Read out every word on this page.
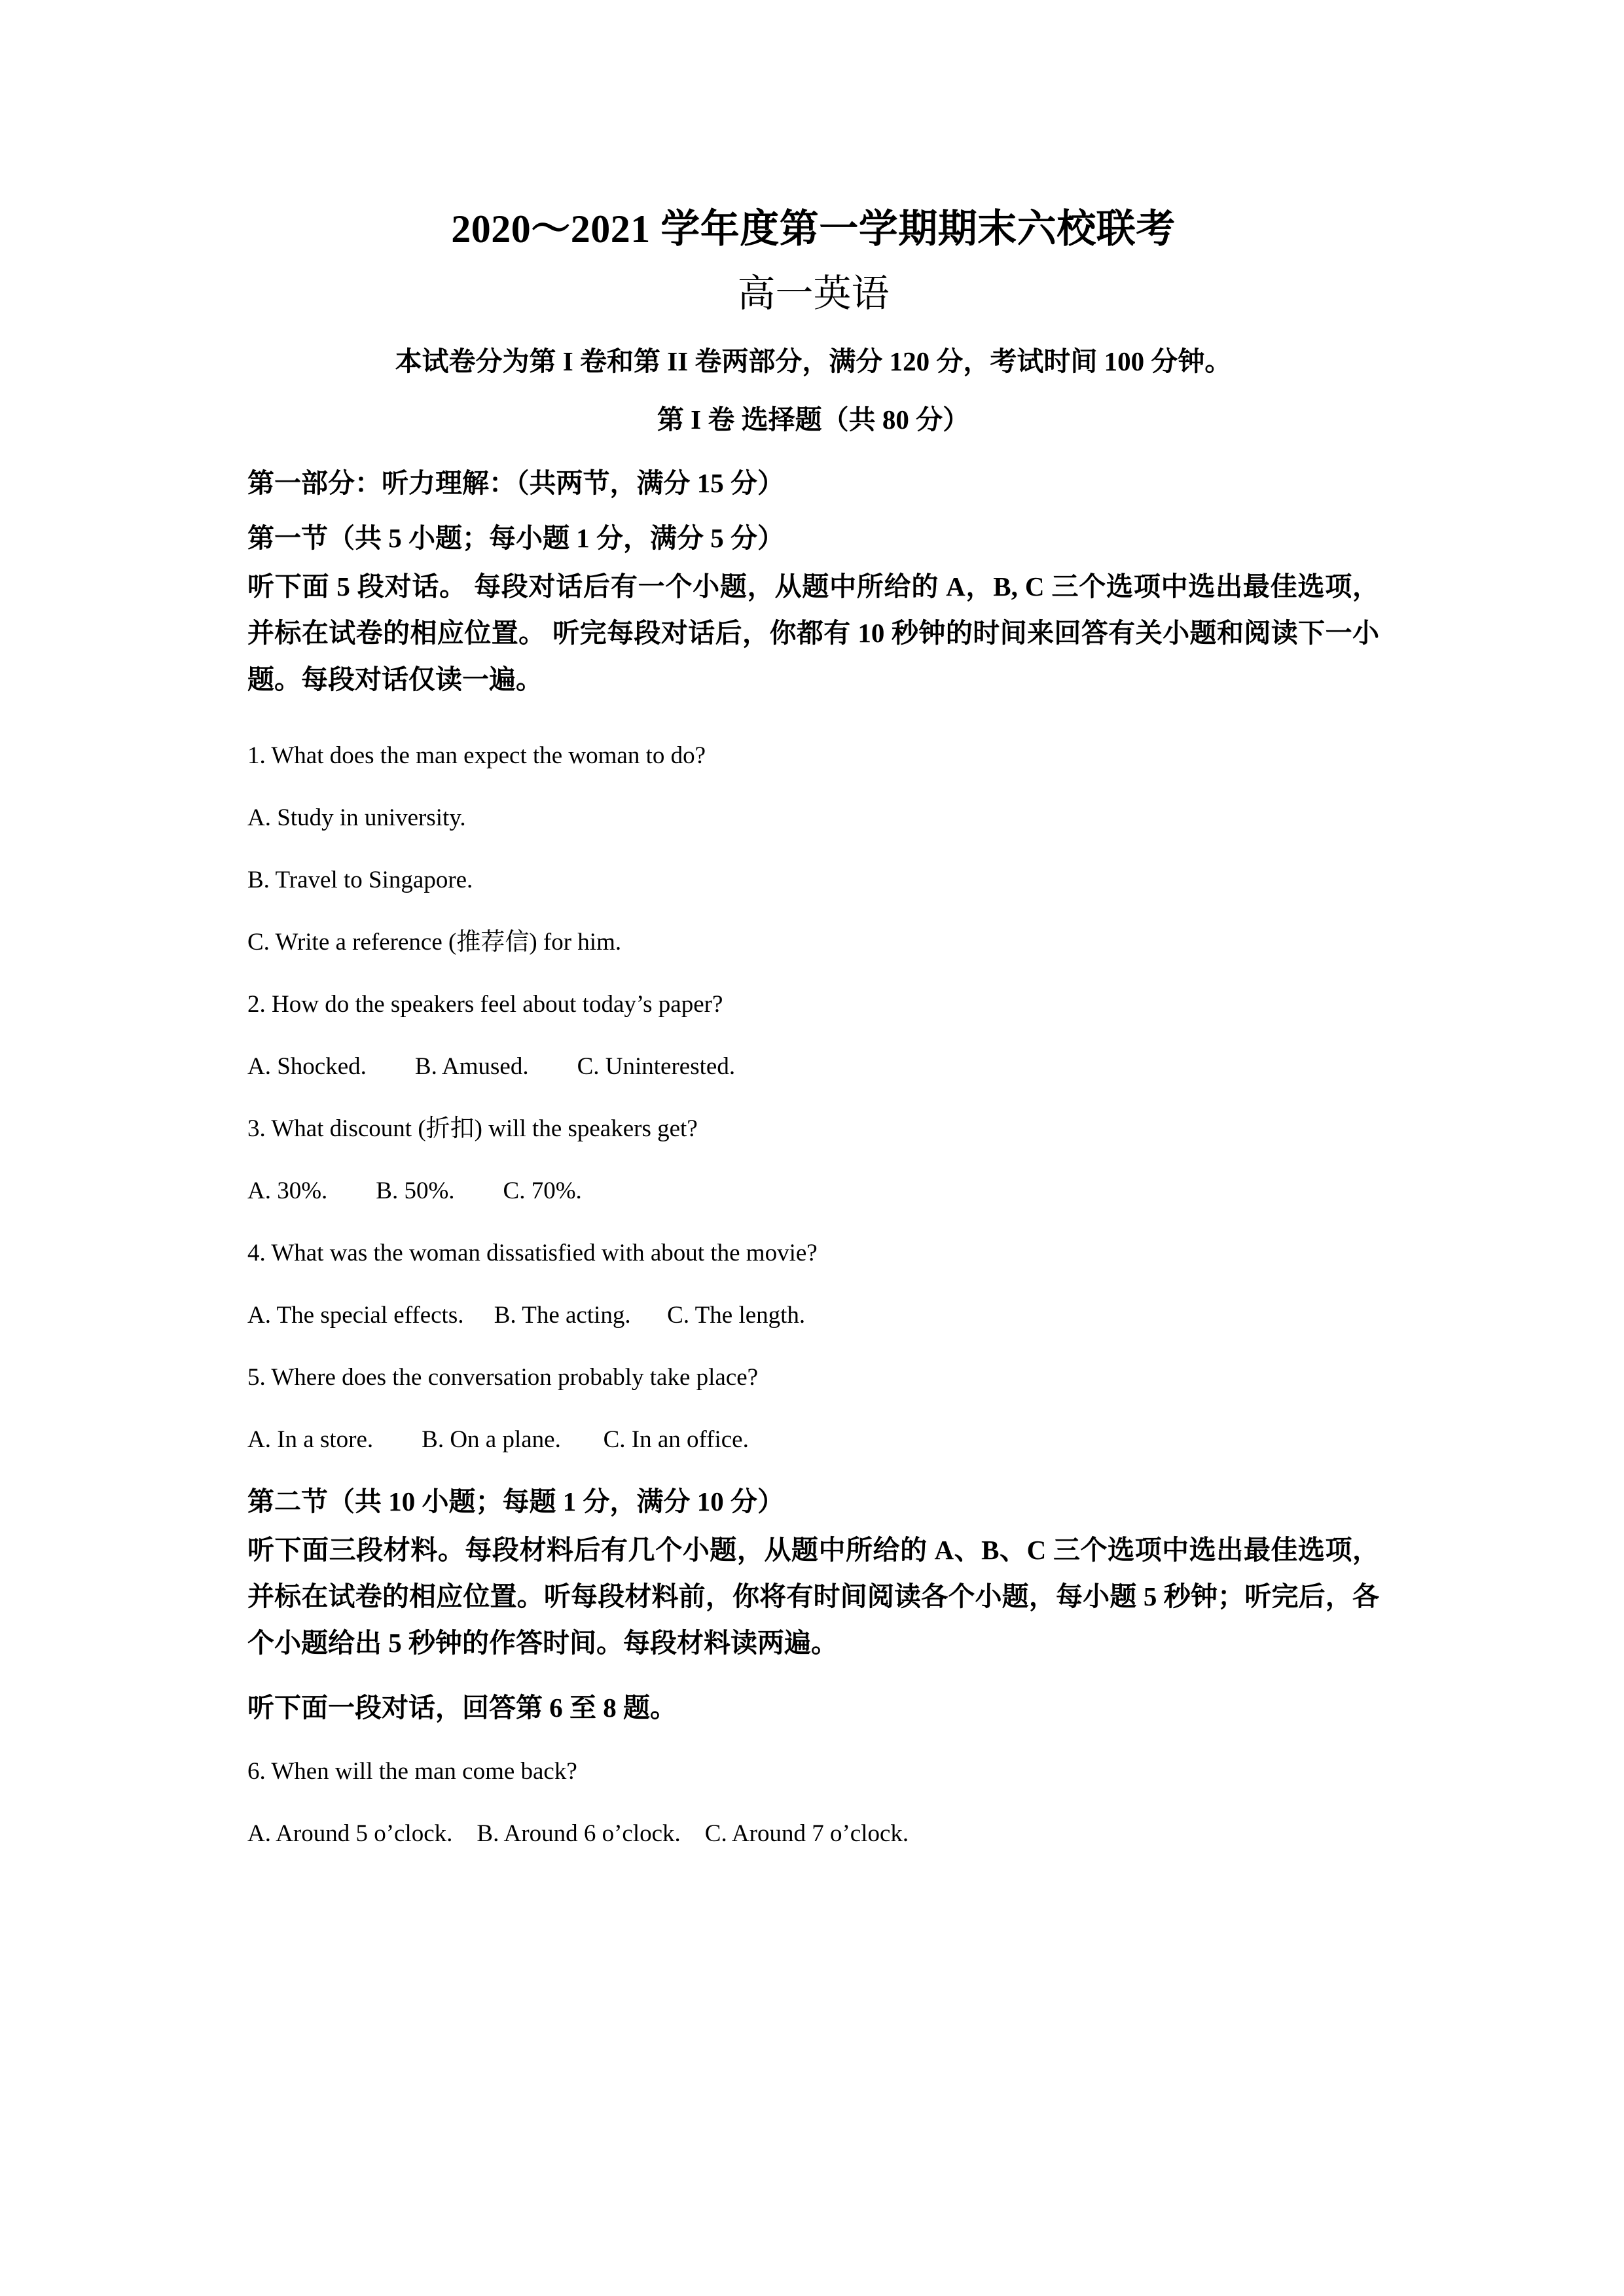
2020～2021 学年度第一学期期末六校联考
高一英语

本试卷分为第 I 卷和第 II 卷两部分，满分 120 分，考试时间 100 分钟。

第 I 卷 选择题（共 80 分）

第一部分：听力理解：（共两节，满分 15 分）

第一节（共 5 小题；每小题 1 分，满分 5 分）

听下面 5 段对话。 每段对话后有一个小题，从题中所给的 A，B, C 三个选项中选出最佳选项，并标在试卷的相应位置。 听完每段对话后，你都有 10 秒钟的时间来回答有关小题和阅读下一小题。每段对话仅读一遍。

1. What does the man expect the woman to do?

A. Study in university.

B. Travel to Singapore.

C. Write a reference (推荐信) for him.

2. How do the speakers feel about today’s paper?

A. Shocked.        B. Amused.        C. Uninterested.

3. What discount (折扣) will the speakers get?

A. 30%.        B. 50%.        C. 70%.

4. What was the woman dissatisfied with about the movie?

A. The special effects.     B. The acting.      C. The length.

5. Where does the conversation probably take place?

A. In a store.        B. On a plane.       C. In an office.

第二节（共 10 小题；每题 1 分，满分 10 分）

听下面三段材料。每段材料后有几个小题，从题中所给的 A、B、C 三个选项中选出最佳选项，并标在试卷的相应位置。听每段材料前，你将有时间阅读各个小题，每小题 5 秒钟；听完后，各个小题给出 5 秒钟的作答时间。每段材料读两遍。

听下面一段对话，回答第 6 至 8 题。

6. When will the man come back?

A. Around 5 o’clock.    B. Around 6 o’clock.    C. Around 7 o’clock.
